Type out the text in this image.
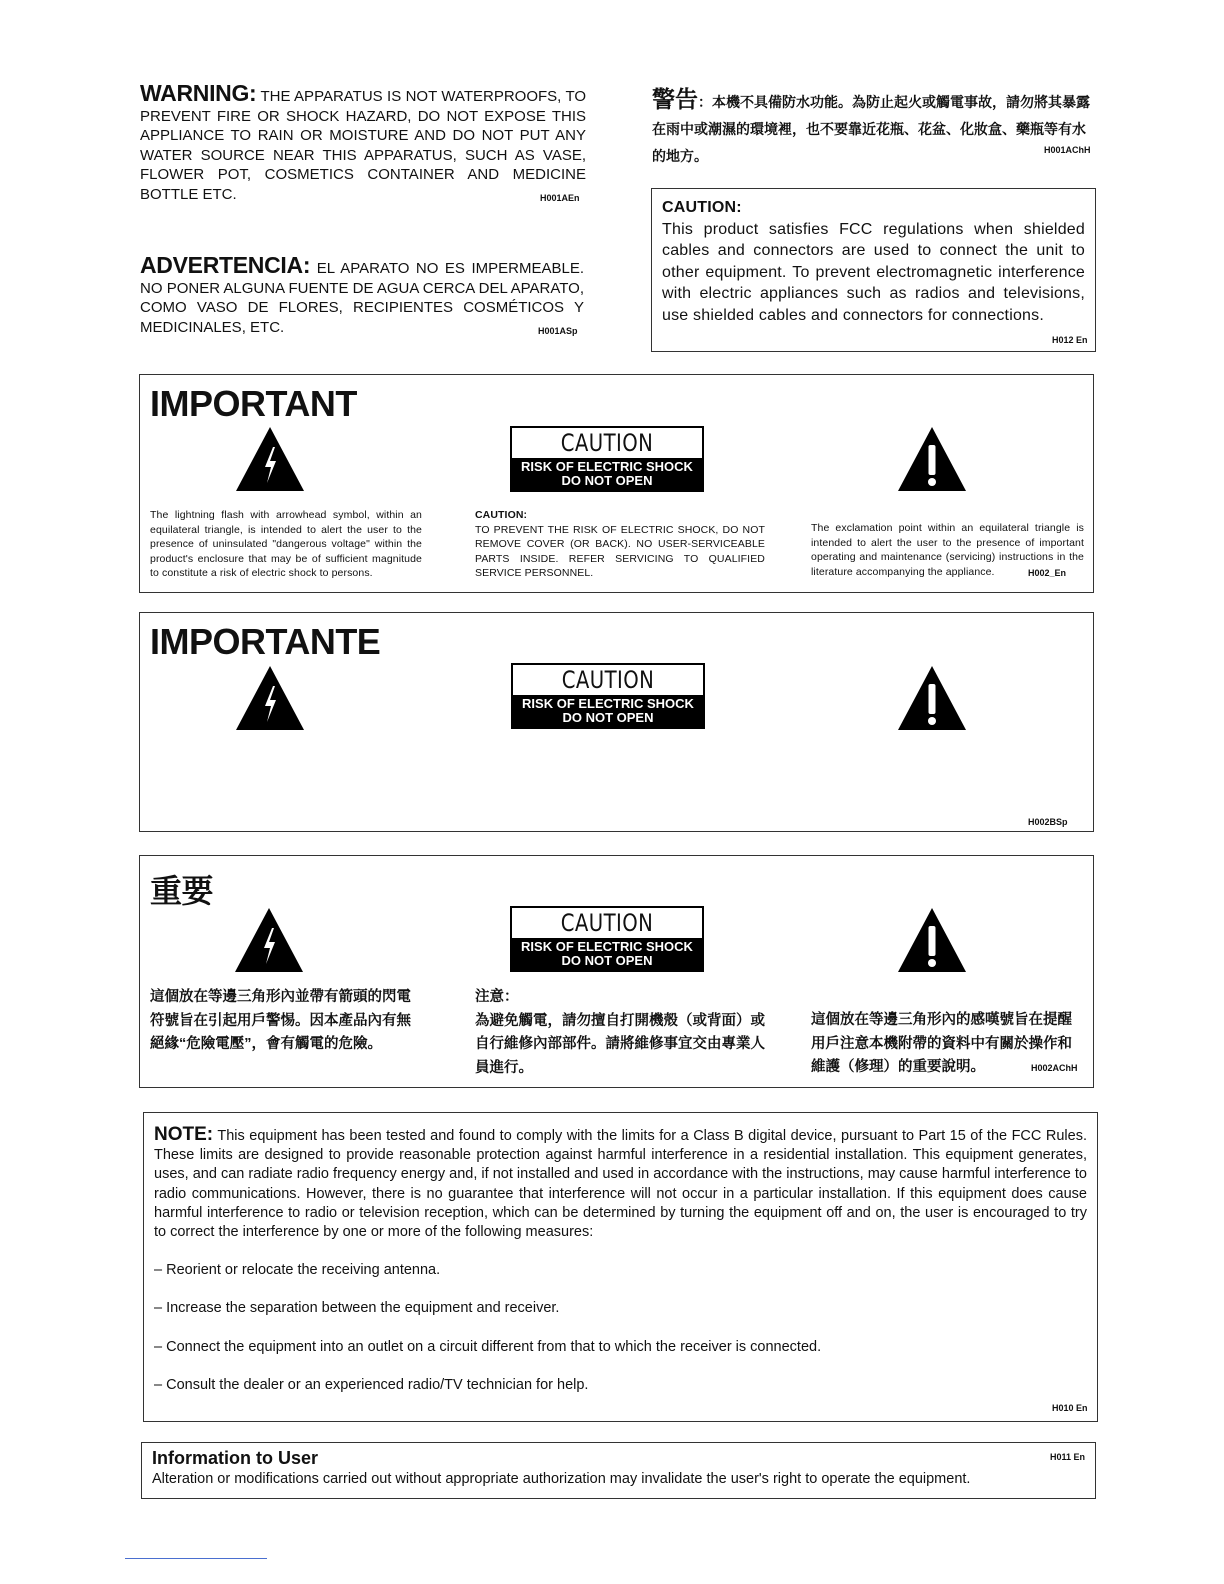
WARNING: THE APPARATUS IS NOT WATERPROOFS, TO PREVENT FIRE OR SHOCK HAZARD, DO NOT EXPOSE THIS APPLIANCE TO RAIN OR MOISTURE AND DO NOT PUT ANY WATER SOURCE NEAR THIS APPARATUS, SUCH AS VASE, FLOWER POT, COSMETICS CONTAINER AND MEDICINE BOTTLE ETC.	H001AEn
ADVERTENCIA: EL APARATO NO ES IMPERMEABLE. NO PONER ALGUNA FUENTE DE AGUA CERCA DEL APARATO, COMO VASO DE FLORES, RECIPIENTES COSMÉTICOS Y MEDICINALES, ETC.	H001ASp
警告：本機不具備防水功能。為防止起火或觸電事故，請勿將其暴露在雨中或潮濕的環境裡，也不要靠近花瓶、花盆、化妝盒、藥瓶等有水的地方。	H001AChH
CAUTION:
This product satisfies FCC regulations when shielded cables and connectors are used to connect the unit to other equipment. To prevent electromagnetic interference with electric appliances such as radios and televisions, use shielded cables and connectors for connections.
H012 En
IMPORTANT
CAUTION
RISK OF ELECTRIC SHOCK
DO NOT OPEN
The lightning flash with arrowhead symbol, within an equilateral triangle, is intended to alert the user to the presence of uninsulated "dangerous voltage" within the product's enclosure that may be of sufficient magnitude to constitute a risk of electric shock to persons.
CAUTION:
TO PREVENT THE RISK OF ELECTRIC SHOCK, DO NOT REMOVE COVER (OR BACK). NO USER-SERVICEABLE PARTS INSIDE. REFER SERVICING TO QUALIFIED SERVICE PERSONNEL.
The exclamation point within an equilateral triangle is intended to alert the user to the presence of important operating and maintenance (servicing) instructions in the literature accompanying the appliance.	H002_En
IMPORTANTE
CAUTION
RISK OF ELECTRIC SHOCK
DO NOT OPEN
H002BSp
重要
CAUTION
RISK OF ELECTRIC SHOCK
DO NOT OPEN
這個放在等邊三角形內並帶有箭頭的閃電符號旨在引起用戶警惕。因本產品內有無絕緣“危險電壓”，會有觸電的危險。
注意：
為避免觸電，請勿擅自打開機殼（或背面）或自行維修內部部件。請將維修事宜交由專業人員進行。
這個放在等邊三角形內的感嘆號旨在提醒用戶注意本機附帶的資料中有關於操作和維護（修理）的重要說明。	H002AChH
NOTE: This equipment has been tested and found to comply with the limits for a Class B digital device, pursuant to Part 15 of the FCC Rules. These limits are designed to provide reasonable protection against harmful interference in a residential installation. This equipment generates, uses, and can radiate radio frequency energy and, if not installed and used in accordance with the instructions, may cause harmful interference to radio communications. However, there is no guarantee that interference will not occur in a particular installation. If this equipment does cause harmful interference to radio or television reception, which can be determined by turning the equipment off and on, the user is encouraged to try to correct the interference by one or more of the following measures:
– Reorient or relocate the receiving antenna.
– Increase the separation between the equipment and receiver.
– Connect the equipment into an outlet on a circuit different from that to which the receiver is connected.
– Consult the dealer or an experienced radio/TV technician for help.
H010 En
Information to User
Alteration or modifications carried out without appropriate authorization may invalidate the user's right to operate the equipment.
H011 En
